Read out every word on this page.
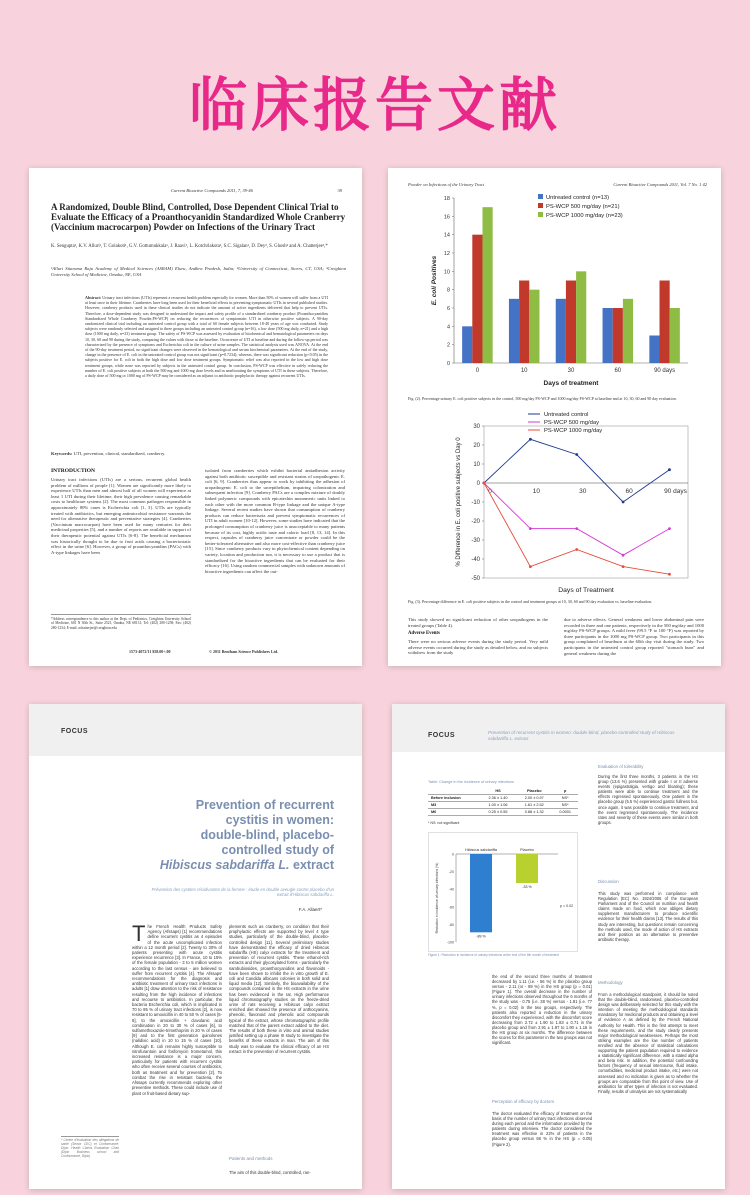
临床报告文献
Current Bioactive Compounds 2011, 7, 39-46	39
A Randomized, Double Blind, Controlled, Dose Dependent Clinical Trial to Evaluate the Efficacy of a Proanthocyanidin Standardized Whole Cranberry (Vaccinium macrocarpon) Powder on Infections of the Urinary Tract
K. Sengupta¹, K.V. Alluri¹, T. Golakoti¹, G.V. Gottumukkala¹, J. Raavi¹, L. Kotchrlakota¹, S.C. Sigalan¹, D. Dey², S. Ghosh² and A. Chatterjee¹,*
¹Alluri Sitarama Raju Academy of Medical Sciences (ASRAM) Eluru, Andhra Pradesh, India; ²University of Connecticut, Storrs, CT, USA; ³Creighton University School of Medicine, Omaha, NE, USA
Abstract: Urinary tract infections (UTIs) represent a recurrent health problem especially for women. More than 50% of women will suffer from a UTI at least once in their lifetime. Cranberries have long been used for their beneficial effects in preventing symptomatic UTIs in several published studies. However, cranberry products used in these clinical studies do not indicate the amount of active ingredients delivered that help to prevent UTIs. Therefore, a dose-dependent study was designed to understand the impact and safety profile of a standardized cranberry product (Proanthocyanidins Standardized Whole Cranberry Powder,PS-WCP) on reducing the recurrences of symptomatic UTI in otherwise positive subjects. A 90-day randomized clinical trial including an untreated control group with a total of 60 female subjects between 18-40 years of age was conducted. Study subjects were randomly selected and assigned to three groups including an untreated control group (n=16), a low dose (500 mg daily, n=21) and a high dose (1000 mg daily, n=23) treatment group. The safety of PS-WCP was assessed by evaluation of biochemical and hematological parameters on days 10, 30, 60 and 90 during the study, comparing the values with those at the baseline. Occurrence of UTI at baseline and during the follow-up period was characterized by the presence of symptoms and Escherichia coli in the culture of urine samples. The statistical analysis used was ANOVA. At the end of the 90-day treatment period, no significant changes were observed in the hematological and serum biochemical parameters. At the end of the study, change in the presence of E. coli in the untreated control group was not significant (p=0.7234); whereas, there was significant reduction (p<0.05) in the subjects positive for E. coli in both the high dose and low dose treatment groups. Symptomatic relief was also reported in the low and high dose treatment groups, while none was reported by subjects in the untreated control group. In conclusion, PS-WCP was effective in safely reducing the number of E. coli positive subjects at both the 500 mg and 1000 mg dose levels and in ameliorating the symptoms of UTI in these subjects. Therefore, a daily dose of 500 mg or 1000 mg of PS-WCP may be considered as an adjunct to antibiotic prophylactic therapy against recurrent UTIs.
Keywords: UTI, prevention, clinical, standardized, cranberry.
INTRODUCTION
Urinary tract infections (UTIs) are a serious, recurrent global health problem of millions of people [1]. Women are significantly more likely to experience UTIs than men and almost half of all women will experience at least 1 UTI during their lifetime, their high prevalence causing remarkable costs to healthcare systems [2]. The most common pathogen responsible in approximately 80% cases is Escherichia coli [1, 3]. UTIs are typically treated with antibiotics, but emerging antimicrobial resistance warrants the need for alternative therapeutic and preventative strategies [4]. Cranberries (Vaccinium macrocarpon) have been used for many centuries for their medicinal properties [5], and a number of reports are available in support of their therapeutic potential against UTIs [6-8]. The beneficial mechanism was historically thought to be due to fruit acids causing a bacteriostatic effect in the urine [6]. However, a group of proanthocyanidins (PACs) with A-type linkages have been
isolated from cranberries which exhibit bacterial antiadhesion activity against both antibiotic susceptible and resistant strains of uropathogenic E. coli [6, 9]. Cranberries thus appear to work by inhibiting the adhesion of uropathogenic E. coli to the uroepithelium, impairing colonization and subsequent infection [9]. Cranberry PACs are a complex mixture of doubly linked polymeric compounds with epicatechin monomeric units linked to each other with the more common B-type linkage and the unique A-type linkage. Several recent studies have shown that consumption of cranberry products can reduce bacteriuria and prevent symptomatic recurrences of UTI in adult women [10-12]. However, some studies have indicated that the prolonged consumption of cranberry juice is unacceptable to many patients because of its cost, highly acidic taste and caloric load [8, 13, 14]. In this respect, capsules of cranberry juice concentrate or powder could be the better-tolerated alternative and also more cost-effective than cranberry juice [15]. Since cranberry products vary in phytochemical content depending on variety, location and production run, it is necessary to use a product that is standardized for the bioactive ingredients that can be evaluated for their efficacy [16]. Using random commercial samples with unknown amounts of bioactive ingredients can affect the out-
*Address correspondence to this author at the Dept. of Pediatrics, Creighton University School of Medicine, 601 N 30th St., Suite 2521, Omaha, NE 68131; Tel: (402) 280-1258; Fax: (402) 280-1234; E-mail: achatterjee@creighton.edu
1573-4072/11 $58.00+.00	© 2011 Bentham Science Publishers Ltd.
Powder on Infections of the Urinary Tract	Current Bioactive Compounds 2011, Vol. 7 No. 1 42
0
2
4
6
8
10
12
14
16
18
0	10	30	60	90 days
Days of treatment
E. coli Positives
Untreated control (n=13)
PS-WCP 500 mg/day (n=21)
PS-WCP 1000 mg/day (n=23)
Fig. (2). Percentage urinary E. coli positive subjects in the control, 500 mg/day PS-WCP and 1000 mg/day PS-WCP at baseline and at 10, 30, 60 and 90 day evaluation.
30
20
10
0
-10
-20
-30
-40
-50
0	10	30	60	90 days
Untreated control
PS-WCP 500 mg/day
PS-WCP 1000 mg/day
Days of Treatment
% Difference in E. coli positive subjects vs Day 0
Fig. (3). Percentage difference in E. coli positive subjects in the control and treatment groups at 10, 30, 60 and 90 day evaluation vs. baseline evaluation.
This study showed no significant reduction of other uropathogens in the treated groups (Table 4).
Adverse Events
There were no serious adverse events during the study period. Very mild adverse events occurred during the study as detailed below, and no subjects withdrew from the study
due to adverse effects. General weakness and lower abdominal pain were recorded in three and one patients, respectively in the 500 mg/day and 1000 mg/day PS-WCP groups. A mild fever (99.5 °F to 100 °F) was reported by three participants in the 1000 mg PS-WCP group. Two participants in this group complained of heartburn at the 60th day visit during the study. Two participants in the untreated control group reported "stomach burn" and general weakness during the
FOCUS
Prevention of recurrent
cystitis in women:
double-blind, placebo-
controlled study of
Hibiscus sabdariffa L. extract
Prévention des cystites récidivantes de la femme : étude en double aveugle contre placebo d'un extrait d'Hibiscus sabdariffa L.
F.A. Allaert*
The French Health Products Safety Agency (Afssaps) [1] recommendations define recurrent cystitis as 4 episodes of the acute uncomplicated infection within a 12 month period [2]. Twenty to 30% of patients presenting with acute cystitis experience recurrence [3]. In France, 10 to 15% of the female population - 3 to 5 million women according to the last census - are believed to suffer from recurrent cystitis [4]. The Afssaps' recommendations for the diagnosis and antibiotic treatment of urinary tract infections in adults [1] draw attention to the risk of resistance resulting from the high incidence of infections and recourse to antibiotics. In particular, the bacteria Escherichia coli, which is implicated in 70 to 95 % of urinary tract infections [2], is now resistant to amoxicillin in 40 to 50 % of cases [5-8], to the amoxicillin + clavulanic acid combination in 20 to 30 % of cases [6], to sulfamethoxazole-trimethoprim in 20 % of cases [9] and to the first generation quinolones (nalidixic acid) in 10 to 15 % of cases [10]. Although E. coli remains highly susceptible to nitrofurantoin and fosfomycin trometamol, this increased resistance is a major concern, particularly for patients with recurrent cystitis who often receive several courses of antibiotics, both as treatment and for prevention [2]. To combat the rise in resistant bacteria, the Afssaps currently recommends exploring other preventive methods. These could include use of plant or fruit-based dietary sup-
plements such as cranberry, on condition that their prophylactic effects are supported by level 4 type studies, particularly of the double-blind, placebo-controlled design [11]. Several preliminary studies have demonstrated the efficacy of dried Hibiscus sabdariffa (HS) calyx extracts for the treatment and prevention of recurrent cystitis. These ethanol-rich extracts and their glycosylated forms - particularly the sambubiosides, proanthocyanidins and flavonoids - have been shown to inhibit the in vitro growth of E. coli and Candida albicans colonies in both solid and liquid media [12]. Similarly, the bioavailability of the compounds contained in the HS extracts in the urine has been evidenced in the rat. High performance liquid chromatography studies on the freeze-dried urine of rats receiving a Hibiscus calyx extract enriched diet showed the presence of anthocyanins, phenolic, flavonoid and phenolic acid compounds typical of the extract, whose chromatographic profile matched that of the parent extract added to the diet. The results of both these in vitro and animal studies justified setting up a phase III study to investigate the benefits of these extracts in man. The aim of this study was to evaluate the clinical efficacy of an HS extract in the prevention of recurrent cystitis.
Patients and methods
The aim of this double-blind, controlled, ran-
* Centre d'évaluation des allégations de santé (Senior CEC) et Conformance; Dijon. Health Claims Evaluation Chair (Dijon Business school and Conformance, Dijon)
FOCUS	Prevention of recurrent cystitis in women: double-blind, placebo-controlled study of Hibiscus sabdariffa L. extract
Table: Change in the incidence of urinary infections
	HS	Placebo	p
Before inclusion	2.36 ± 1.40	2.00 ± 0.97	NS*
M3	1.00 ± 1.06	1.61 ± 2.52	NS*
M6	0.25 ± 0.55	0.88 ± 1.32	0.0001
* NS: not significant
0
-20
-40
-60
-80
-100
Hibiscus sabdariffa
-89 %
Placebo
-33 %
p = 0.02
Reduction in incidence of urinary infections (%)
Figure 1: Reduction in incidence of urinary infections at the end of the 6th month of treatment
the end of the second three months of treatment decreased by 1.11 (i.e. - 56 %) in the placebo group versus - 2.11 (or - 89 %) in the HS group (p = 0.01) (Figure 1). The overall decrease in the number of urinary infections observed throughout the 6 months of the study was - 0.75 (i.e. 38 %) versus - 1.81 (i.e. 77 %, p = 0.02) in the two groups, respectively. The patients also reported a reduction in the urinary discomfort they experienced, with the discomfort score decreasing from 2.72 ± 1.90 to 1.83 ± 0.71 in the placebo group and from 2.91 ± 1.97 to 1.90 ± 1.16 in the HS group at six months. The difference between the scores for this parameter in the two groups was not significant.
Perception of efficacy by doctors
The doctor evaluated the efficacy of treatment on the basis of the number of urinary tract infections observed during each period and the information provided by the patients during interview. The doctor considered the treatment was effective in 22% of patients in the placebo group versus 68 % in the HS (p = 0.05) (Figure 2).
Evaluation of tolerability
During the first three months, 3 patients in the HS group (13.6 %) presented with grade I or II adverse events (epigastralgia, vertigo and bloating); these patients were able to continue treatment and the effects regressed spontaneously. One patient in the placebo group (5.5 %) experienced gastric fullness but, once again, it was possible to continue treatment, and the event regressed spontaneously. The incidence rates and severity of these events were similar in both groups.
Discussion
This study was performed in compliance with Regulation (EC) No. 1924/2006 of the European Parliament and of the Council on nutrition and health claims made on food, which now obliges dietary supplement manufacturers to produce scientific evidence for their health claims [13]. The results of this study are interesting, but questions remain concerning the methods used, the mode of action of HS extracts and their position as an alternative to preventive antibiotic therapy.
Methodology
From a methodological standpoint, it should be noted that the double-blind, randomised, placebo-controlled design was deliberately selected for this study with the intention of meeting the methodological standards mandatory for medicinal products and obtaining a level of evidence A as defined by the French National Authority for Health. This is the first attempt to meet these requirements, and the study clearly presents major methodological weaknesses. Perhaps the most striking examples are the low number of patients enrolled and the absence of statistical calculations supporting the patient population required to evidence a statistically significant difference, with a stated alpha and beta risk. In addition, the potential confounding factors (frequency of sexual intercourse, fluid intake, comorbidities, medicinal product intake, etc.) were not assessed and no indication is given as to whether the groups are comparable from this point of view. Use of antibiotics for other types of infection is not evaluated. Finally, results of urinalysis are not systematically
